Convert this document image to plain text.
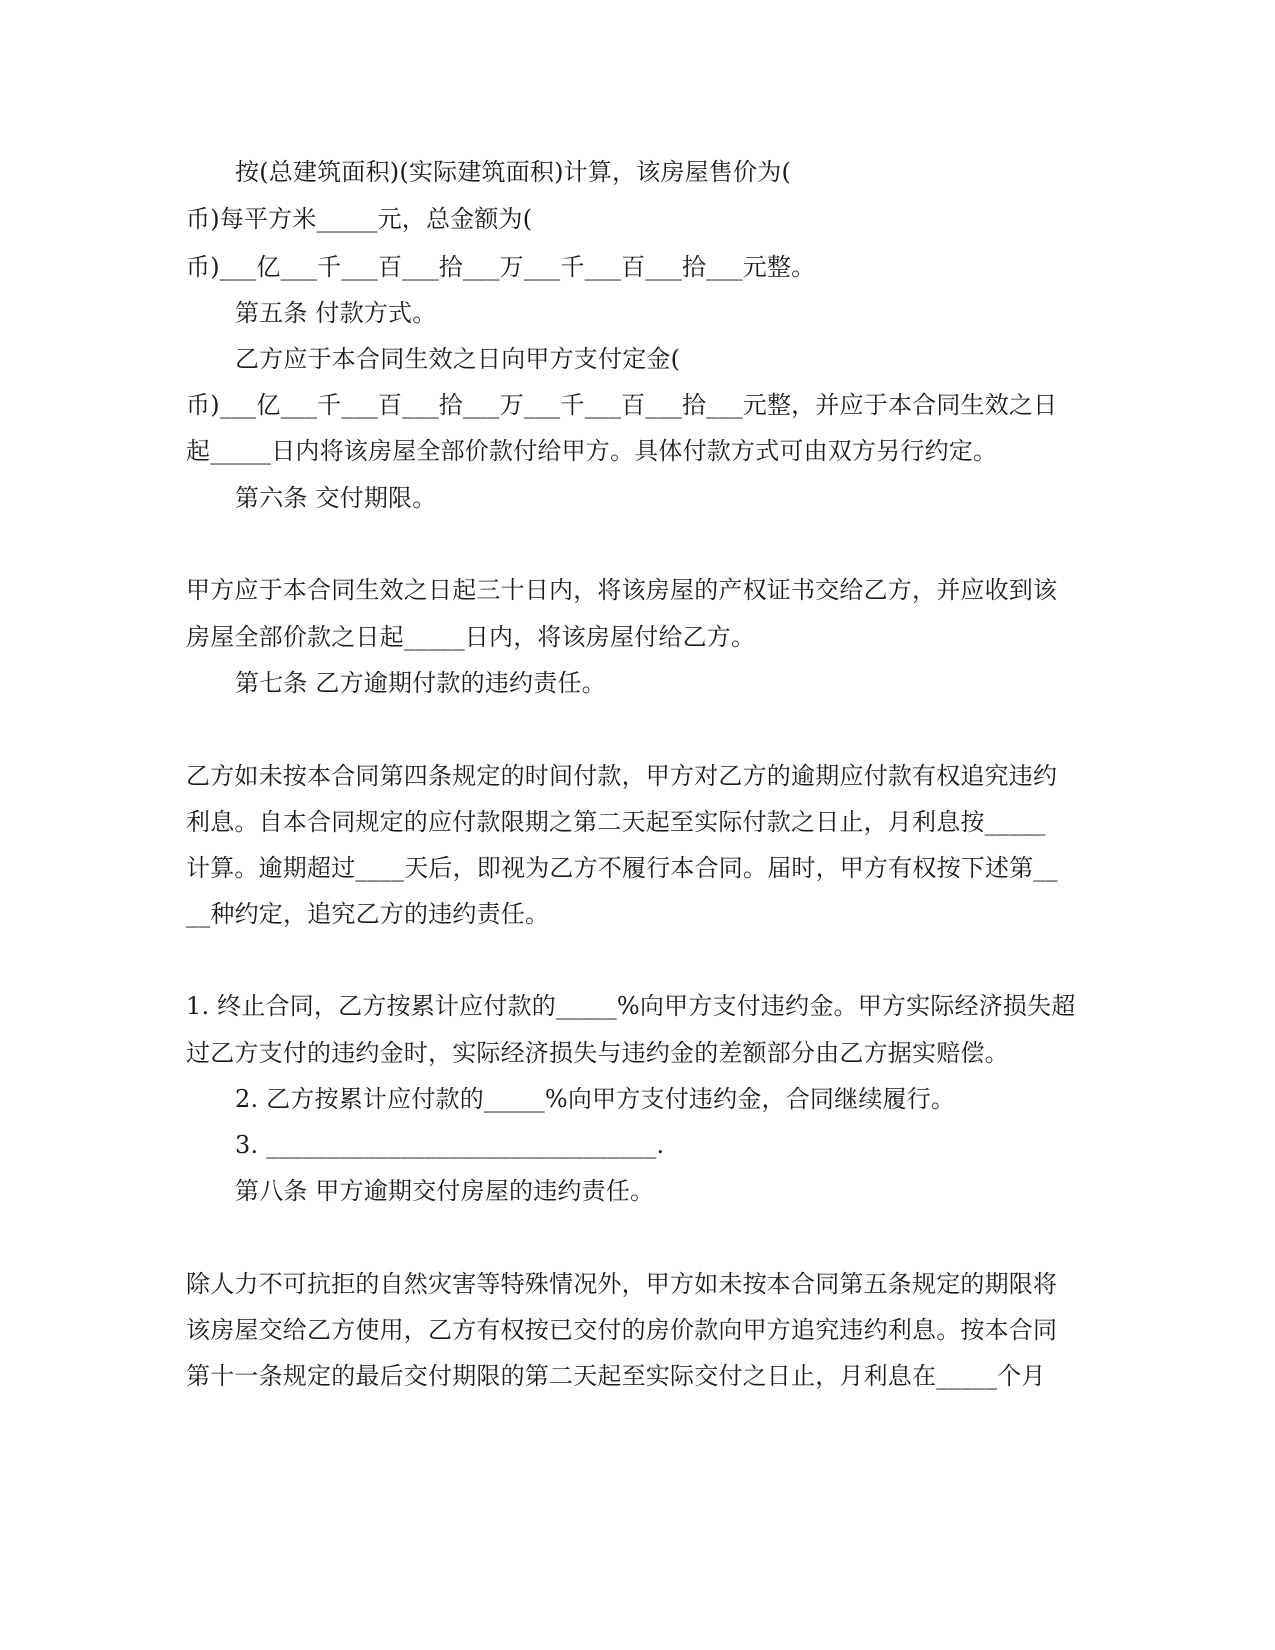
按(总建筑面积)(实际建筑面积)计算，该房屋售价为(
币)每平方米_____元，总金额为(
币)___亿___千___百___拾___万___千___百___拾___元整。
第五条 付款方式。
乙方应于本合同生效之日向甲方支付定金(
币)___亿___千___百___拾___万___千___百___拾___元整，并应于本合同生效之日
起_____日内将该房屋全部价款付给甲方。具体付款方式可由双方另行约定。
第六条 交付期限。
甲方应于本合同生效之日起三十日内，将该房屋的产权证书交给乙方，并应收到该
房屋全部价款之日起_____日内，将该房屋付给乙方。
第七条 乙方逾期付款的违约责任。
乙方如未按本合同第四条规定的时间付款，甲方对乙方的逾期应付款有权追究违约
利息。自本合同规定的应付款限期之第二天起至实际付款之日止，月利息按_____
计算。逾期超过____天后，即视为乙方不履行本合同。届时，甲方有权按下述第__
__种约定，追究乙方的违约责任。
1. 终止合同，乙方按累计应付款的_____%向甲方支付违约金。甲方实际经济损失超
过乙方支付的违约金时，实际经济损失与违约金的差额部分由乙方据实赔偿。
2. 乙方按累计应付款的_____%向甲方支付违约金，合同继续履行。
3. ________________________________.
第八条 甲方逾期交付房屋的违约责任。
除人力不可抗拒的自然灾害等特殊情况外，甲方如未按本合同第五条规定的期限将
该房屋交给乙方使用，乙方有权按已交付的房价款向甲方追究违约利息。按本合同
第十一条规定的最后交付期限的第二天起至实际交付之日止，月利息在_____个月
